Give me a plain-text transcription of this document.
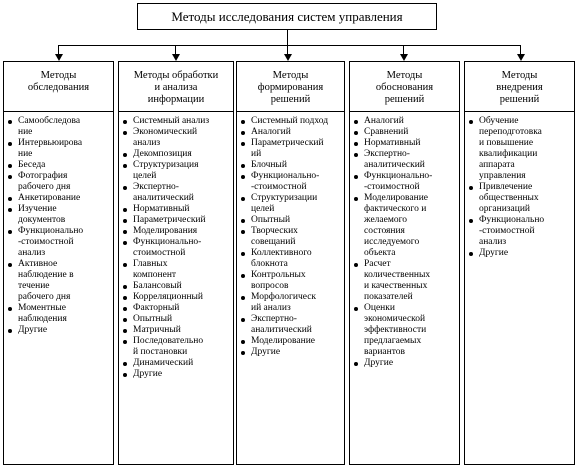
Методы исследования систем управления
Методы
обследования
Самообследова
ние
Интервьюирова
ние
Беседа
Фотография
рабочего дня
Анкетирование
Изучение
документов
Функционально
-стоимостной
анализ
Активное
наблюдение в
течение
рабочего дня
Моментные
наблюдения
Другие
Методы обработки
и анализа
информации
Системный анализ
Экономический
анализ
Декомпозиция
Структуризация
целей
Экспертно-
аналитический
Нормативный
Параметрический
Моделирования
Функционально-
стоимостной
Главных
компонент
Балансовый
Корреляционный
Факторный
Опытный
Матричный
Последовательно
й постановки
Динамический
Другие
Методы
формирования
решений
Системный подход
Аналогий
Параметрический
ий
Блочный
Функционально-
-стоимостной
Структуризации
целей
Опытный
Творческих
совещаний
Коллективного
блокнота
Контрольных
вопросов
Морфологическ
ий анализ
Экспертно-
аналитический
Моделирование
Другие
Методы
обоснования
решений
Аналогий
Сравнений
Нормативный
Экспертно-
аналитический
Функционально-
-стоимостной
Моделирование
фактического и
желаемого
состояния
исследуемого
объекта
Расчет
количественных
и качественных
показателей
Оценки
экономической
эффективности
предлагаемых
вариантов
Другие
Методы
внедрения
решений
Обучение
переподготовка
и повышение
квалификации
аппарата
управления
Привлечение
общественных
организаций
Функционально
-стоимостной
анализ
Другие
